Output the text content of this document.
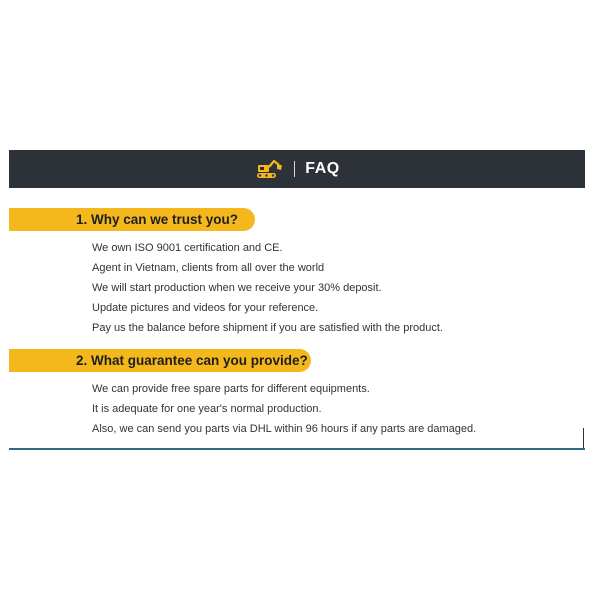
FAQ
1. Why can we trust you?
We own ISO 9001 certification and CE.
Agent in Vietnam, clients from all over the world
We will start production when we receive your 30% deposit.
Update pictures and videos for your reference.
Pay us the balance before shipment if you are satisfied with the product.
2. What guarantee can you provide?
We can provide free spare parts for different equipments.
It is adequate for one year's normal production.
Also, we can send you parts via DHL within 96 hours if any parts are damaged.
